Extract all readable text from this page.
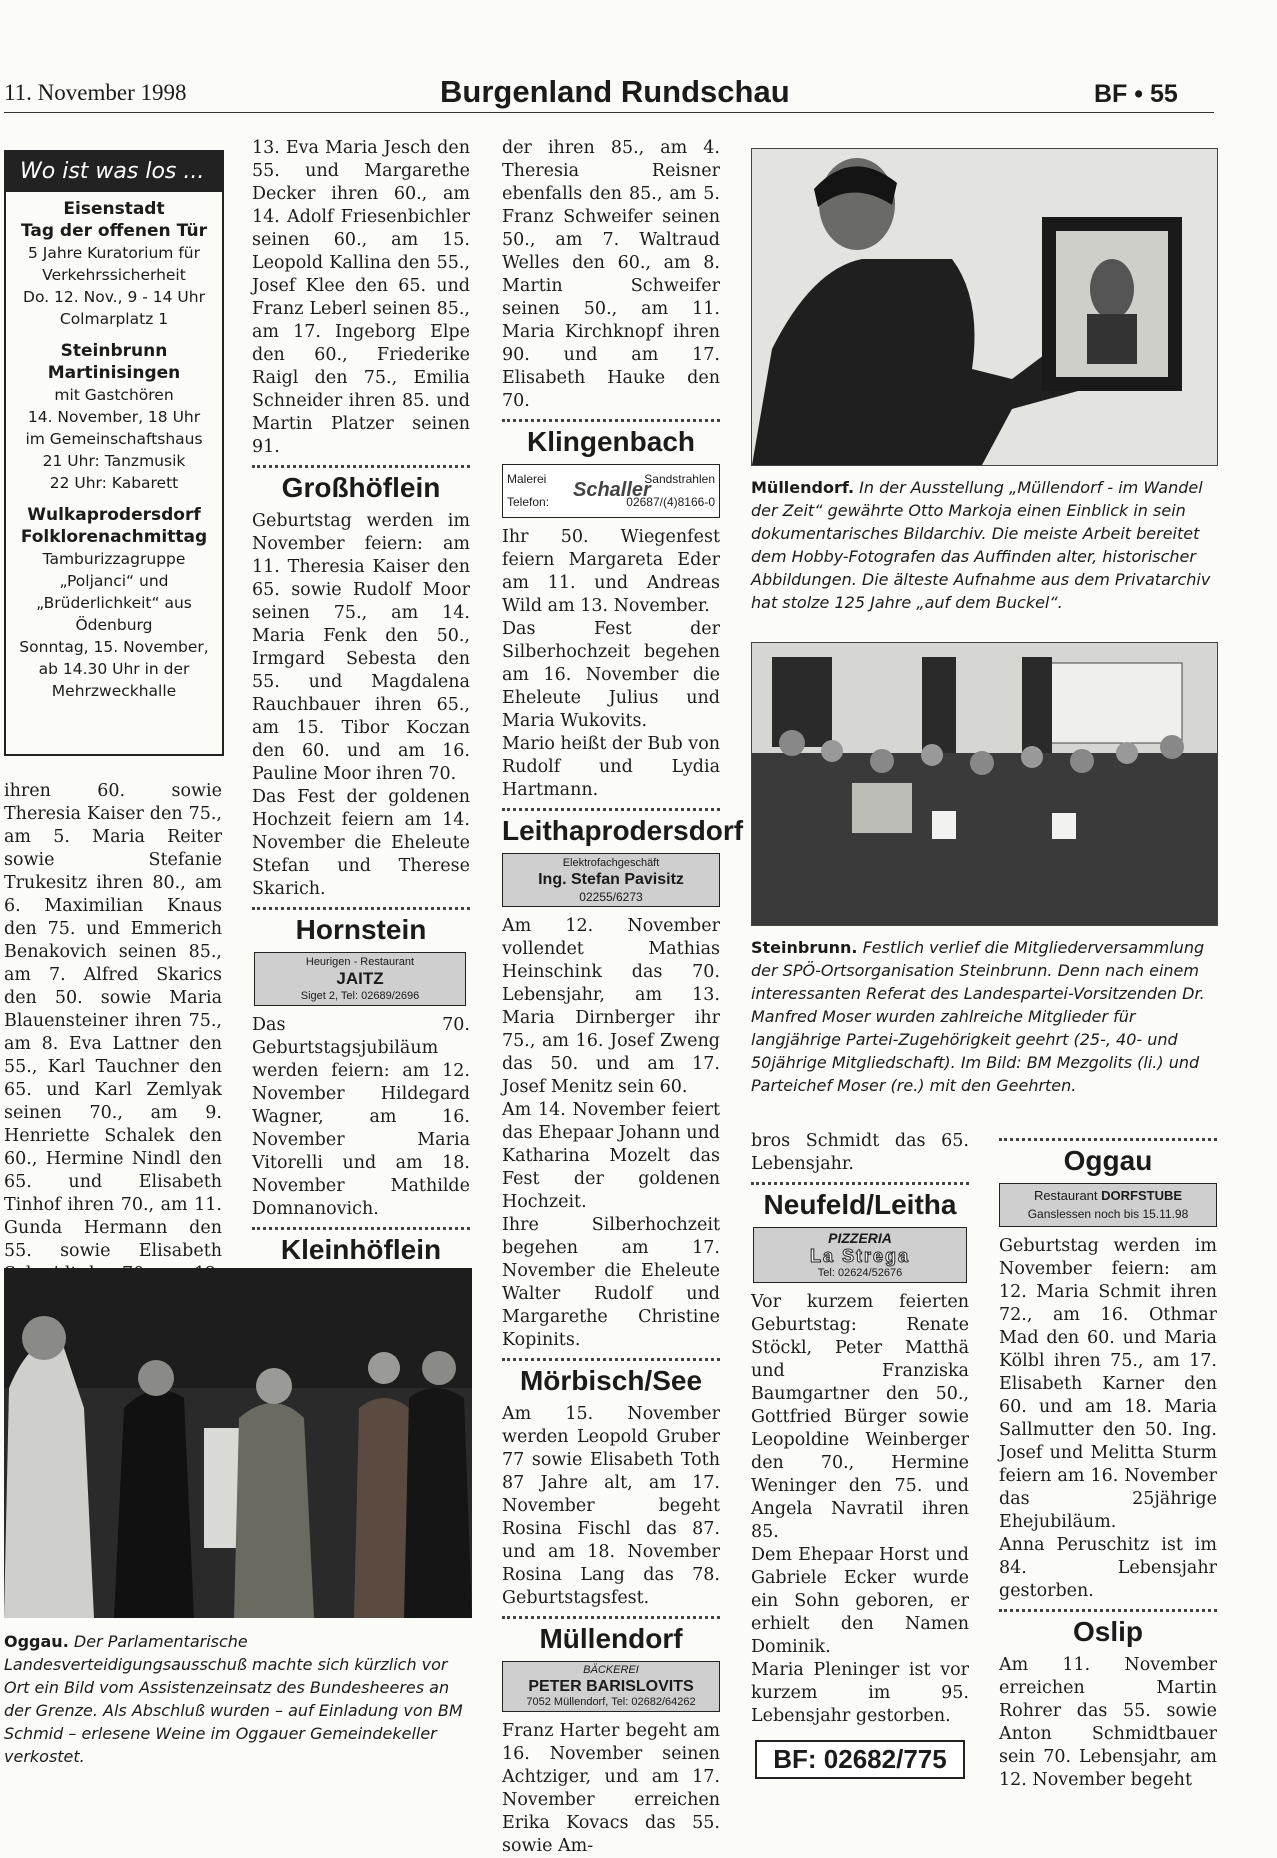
11. November 1998	Burgenland Rundschau	BF • 55
Wo ist was los ...
Eisenstadt
Tag der offenen Tür
5 Jahre Kuratorium für
Verkehrssicherheit
Do. 12. Nov., 9 - 14 Uhr
Colmarplatz 1
Steinbrunn
Martinisingen
mit Gastchören
14. November, 18 Uhr
im Gemeinschaftshaus
21 Uhr: Tanzmusik
22 Uhr: Kabarett
Wulkaprodersdorf
Folklorenachmittag
Tamburizzagruppe
„Poljanci“ und
„Brüderlichkeit“ aus
Ödenburg
Sonntag, 15. November,
ab 14.30 Uhr in der
Mehrzweckhalle

ihren 60. sowie Theresia Kaiser den 75., am 5. Maria Reiter sowie Stefanie Trukesitz ihren 80., am 6. Maximilian Knaus den 75. und Emmerich Benakovich seinen 85., am 7. Alfred Skarics den 50. sowie Maria Blauensteiner ihren 75., am 8. Eva Lattner den 55., Karl Tauchner den 65. und Karl Zemlyak seinen 70., am 9. Henriette Schalek den 60., Hermine Nindl den 65. und Elisabeth Tinhof ihren 70., am 11. Gunda Hermann den 55. sowie Elisabeth

13. Eva Maria Jesch den 55. und Margarethe Decker ihren 60., am 14. Adolf Friesenbichler seinen 60., am 15. Leopold Kallina den 55., Josef Klee den 65. und Franz Leberl seinen 85., am 17. Ingeborg Elpe den 60., Friederike Raigl den 75., Emilia Schneider ihren 85. und Martin Platzer seinen 91.

Großhöflein

Geburtstag werden im November feiern: am 11. Theresia Kaiser den 65. sowie Rudolf Moor seinen 75., am 14. Maria Fenk den 50., Irmgard Sebesta den 55. und Magdalena Rauchbauer ihren 65., am 15. Tibor Koczan den 60. und am 16. Pauline Moor ihren 70.

Das Fest der goldenen Hochzeit feiern am 14. November die Eheleute Stefan und Therese Skarich.

Hornstein
Heurigen - Restaurant
JAITZ
Siget 2, Tel: 02689/2696

Das 70. Geburtstagsjubiläum werden feiern: am 12. November Hildegard Wagner, am 16. November Maria Vitorelli und am 18. November Mathilde Domnanovich.

Kleinhöflein

der ihren 85., am 4. Theresia Reisner ebenfalls den 85., am 5. Franz Schweifer seinen 50., am 7. Waltraud Welles den 60., am 8. Martin Schweifer seinen 50., am 11. Maria Kirchknopf ihren 90. und am 17. Elisabeth Hauke den 70.

Klingenbach
Malerei	Sandstrahlen
Schaller
Telefon:	02687/(4)8166-0

Ihr 50. Wiegenfest feiern Margareta Eder am 11. und Andreas Wild am 13. November.

Das Fest der Silberhochzeit begehen am 16. November die Eheleute Julius und Maria Wukovits.

Mario heißt der Bub von Rudolf und Lydia Hartmann.

Leithaprodersdorf
Elektrofachgeschäft
Ing. Stefan Pavisitz
02255/6273

Am 12. November vollendet Mathias Heinschink das 70. Lebensjahr, am 13. Maria Dirnberger ihr 75., am 16. Josef Zweng das 50. und am 17. Josef Menitz sein 60.

Am 14. November feiert das Ehepaar Johann und Katharina Mozelt das Fest der goldenen Hochzeit.

Ihre Silberhochzeit begehen am 17. November die Eheleute Walter Rudolf und Margarethe Christine Kopinits.

Mörbisch/See

Am 15. November werden Leopold Gruber 77 sowie Elisabeth Toth 87 Jahre alt, am 17. November begeht Rosina Fischl das 87. und am 18. November Rosina Lang das 78. Geburtstagsfest.

Müllendorf
BÄCKEREI
PETER BARISLOVITS
7052 Müllendorf, Tel: 02682/64262

Franz Harter begeht am 16. November seinen Achtziger, und am 17. November erreichen Erika Kovacs das 55. sowie Am-

Müllendorf. In der Ausstellung „Müllendorf - im Wandel der Zeit“ gewährte Otto Markoja einen Einblick in sein dokumentarisches Bildarchiv. Die meiste Arbeit bereitet dem Hobby-Fotografen das Auffinden alter, historischer Abbildungen. Die älteste Aufnahme aus dem Privatarchiv hat stolze 125 Jahre „auf dem Buckel“.
Steinbrunn. Festlich verlief die Mitgliederversammlung der SPÖ-Ortsorganisation Steinbrunn. Denn nach einem interessanten Referat des Landespartei-Vorsitzenden Dr. Manfred Moser wurden zahlreiche Mitglieder für langjährige Partei-Zugehörigkeit geehrt (25-, 40- und 50jährige Mitgliedschaft). Im Bild: BM Mezgolits (li.) und Parteichef Moser (re.) mit den Geehrten.

bros Schmidt das 65. Lebensjahr.

Neufeld/Leitha
PIZZERIA
La Strega
Tel: 02624/52676

Vor kurzem feierten Geburtstag: Renate Stöckl, Peter Matthä und Franziska Baumgartner den 50., Gottfried Bürger sowie Leopoldine Weinberger den 70., Hermine Weninger den 75. und Angela Navratil ihren 85.

Dem Ehepaar Horst und Gabriele Ecker wurde ein Sohn geboren, er erhielt den Namen Dominik.

Maria Pleninger ist vor kurzem im 95. Lebensjahr gestorben.

BF: 02682/775
Oggau
Restaurant DORFSTUBE
Ganslessen noch bis 15.11.98

Geburtstag werden im November feiern: am 12. Maria Schmit ihren 72., am 16. Othmar Mad den 60. und Maria Kölbl ihren 75., am 17. Elisabeth Karner den 60. und am 18. Maria Sallmutter den 50. Ing. Josef und Melitta Sturm feiern am 16. November das 25jährige Ehejubiläum.

Anna Peruschitz ist im 84. Lebensjahr gestorben.

Oslip

Am 11. November erreichen Martin Rohrer das 55. sowie Anton Schmidtbauer sein 70. Lebensjahr, am 12. November begeht

Oggau. Der Parlamentarische Landesverteidigungsausschuß machte sich kürzlich vor Ort ein Bild vom Assistenzeinsatz des Bundesheeres an der Grenze. Als Abschluß wurden – auf Einladung von BM Schmid – erlesene Weine im Oggauer Gemeindekeller verkostet.
